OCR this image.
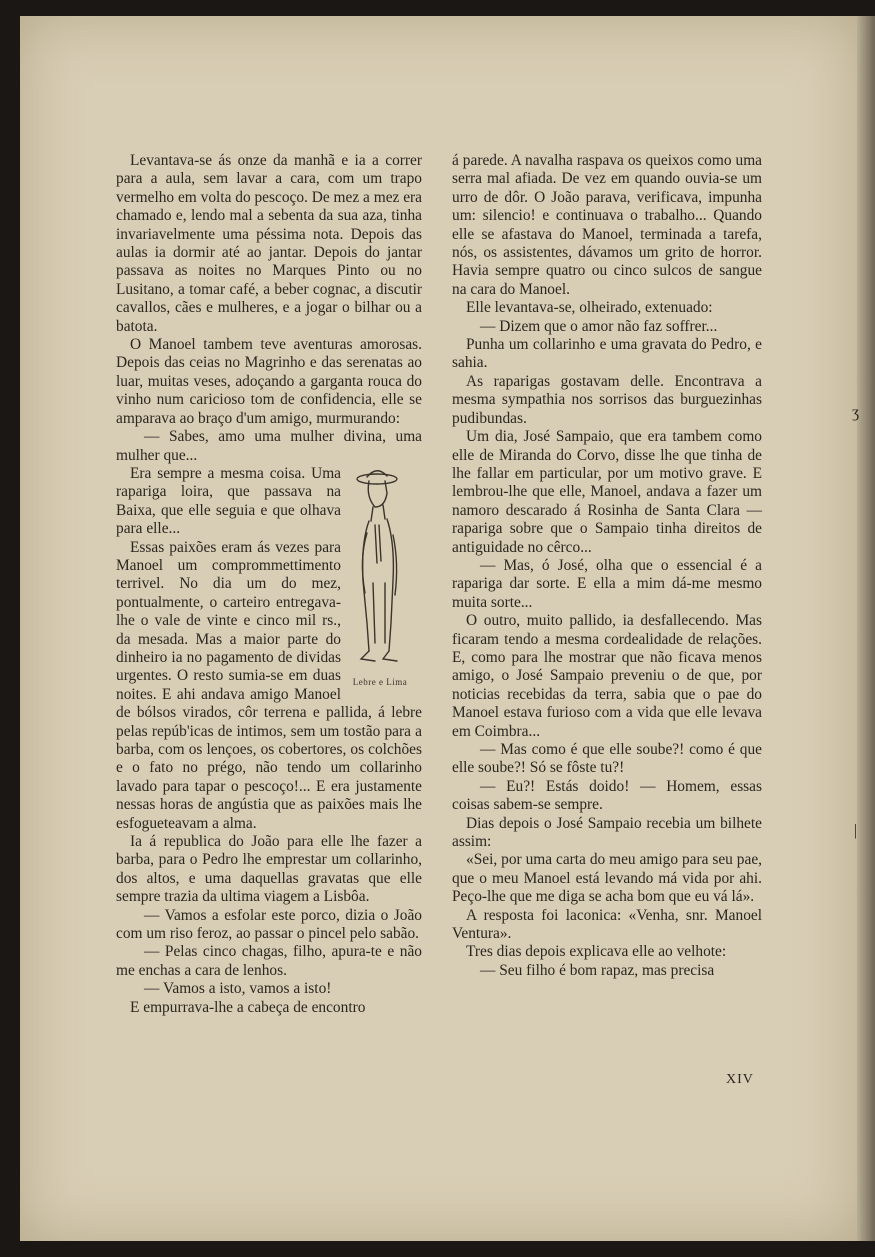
Levantava-se ás onze da manhã e ia a correr para a aula, sem lavar a cara, com um trapo vermelho em volta do pescoço. De mez a mez era chamado e, lendo mal a sebenta da sua aza, tinha invariavelmente uma péssima nota. Depois das aulas ia dormir até ao jantar. Depois do jantar passava as noites no Marques Pinto ou no Lusitano, a tomar café, a beber cognac, a discutir cavallos, cães e mulheres, e a jogar o bilhar ou a batota.

O Manoel tambem teve aventuras amorosas. Depois das ceias no Magrinho e das serenatas ao luar, muitas veses, adoçando a garganta rouca do vinho num caricioso tom de confidencia, elle se amparava ao braço d'um amigo, murmurando:

— Sabes, amo uma mulher divina, uma mulher que...

Lebre e Lima

Era sempre a mesma coisa. Uma rapariga loira, que passava na Baixa, que elle seguia e que olhava para elle...

Essas paixões eram ás vezes para Manoel um comprommettimento terrivel. No dia um do mez, pontualmente, o carteiro entregava-lhe o vale de vinte e cinco mil rs., da mesada. Mas a maior parte do dinheiro ia no pagamento de dividas urgentes. O resto sumia-se em duas noites. E ahi andava amigo Manoel de bólsos virados, côr terrena e pallida, á lebre pelas repúb'icas de intimos, sem um tostão para a barba, com os lençoes, os cobertores, os colchões e o fato no prégo, não tendo um collarinho lavado para tapar o pescoço!... E era justamente nessas horas de angústia que as paixões mais lhe esfogueteavam a alma.

Ia á republica do João para elle lhe fazer a barba, para o Pedro lhe emprestar um collarinho, dos altos, e uma daquellas gravatas que elle sempre trazia da ultima viagem a Lisbôa.

— Vamos a esfolar este porco, dizia o João com um riso feroz, ao passar o pincel pelo sabão.

— Pelas cinco chagas, filho, apura-te e não me enchas a cara de lenhos.

— Vamos a isto, vamos a isto!

E empurrava-lhe a cabeça de encontro

á parede. A navalha raspava os queixos como uma serra mal afiada. De vez em quando ouvia-se um urro de dôr. O João parava, verificava, impunha um: silencio! e continuava o trabalho... Quando elle se afastava do Manoel, terminada a tarefa, nós, os assistentes, dávamos um grito de horror. Havia sempre quatro ou cinco sulcos de sangue na cara do Manoel.

Elle levantava-se, olheirado, extenuado:

— Dizem que o amor não faz soffrer...

Punha um collarinho e uma gravata do Pedro, e sahia.

As raparigas gostavam delle. Encontrava a mesma sympathia nos sorrisos das burguezinhas pudibundas.

Um dia, José Sampaio, que era tambem como elle de Miranda do Corvo, disse lhe que tinha de lhe fallar em particular, por um motivo grave. E lembrou-lhe que elle, Manoel, andava a fazer um namoro descarado á Rosinha de Santa Clara — rapariga sobre que o Sampaio tinha direitos de antiguidade no cêrco...

— Mas, ó José, olha que o essencial é a rapariga dar sorte. E ella a mim dá-me mesmo muita sorte...

O outro, muito pallido, ia desfallecendo. Mas ficaram tendo a mesma cordealidade de relações. E, como para lhe mostrar que não ficava menos amigo, o José Sampaio preveniu o de que, por noticias recebidas da terra, sabia que o pae do Manoel estava furioso com a vida que elle levava em Coimbra...

— Mas como é que elle soube?! como é que elle soube?! Só se fôste tu?!

— Eu?! Estás doido! — Homem, essas coisas sabem-se sempre.

Dias depois o José Sampaio recebia um bilhete assim:

«Sei, por uma carta do meu amigo para seu pae, que o meu Manoel está levando má vida por ahi. Peço-lhe que me diga se acha bom que eu vá lá».

A resposta foi laconica: «Venha, snr. Manoel Ventura».

Tres dias depois explicava elle ao velhote:

— Seu filho é bom rapaz, mas precisa

XIV
ʒ
|
